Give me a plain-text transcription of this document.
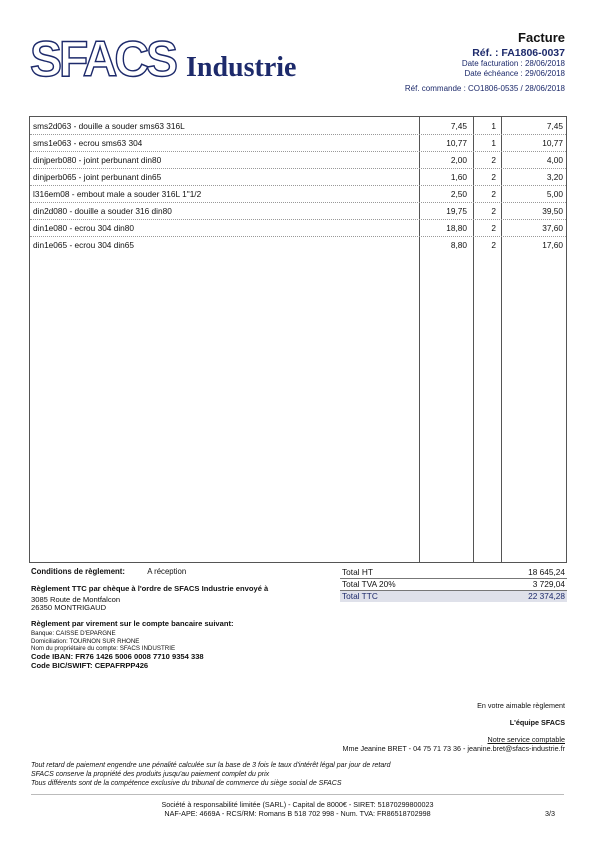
SFACS Industrie
Facture
Réf. : FA1806-0037
Date facturation : 28/06/2018
Date échéance : 29/06/2018
Réf. commande : CO1806-0535 / 28/06/2018
sms2d063 - douille a souder sms63 316L	7,45	1	7,45
sms1e063 - ecrou sms63 304	10,77	1	10,77
dinjperb080 - joint perbunant din80	2,00	2	4,00
dinjperb065 - joint perbunant din65	1,60	2	3,20
l316em08 - embout male a souder 316L 1"1/2	2,50	2	5,00
din2d080 - douille a souder 316 din80	19,75	2	39,50
din1e080 - ecrou 304 din80	18,80	2	37,60
din1e065 - ecrou 304 din65	8,80	2	17,60
Conditions de règlement:	A réception
Règlement TTC par chèque à l'ordre de SFACS Industrie envoyé à
3085 Route de Montfalcon
26350 MONTRIGAUD
Règlement par virement sur le compte bancaire suivant:
Banque: CAISSE D'EPARGNE
Domiciliation: TOURNON SUR RHONE
Nom du propriétaire du compte: SFACS INDUSTRIE
Code IBAN: FR76 1426 5006 0008 7710 9354 338
Code BIC/SWIFT: CEPAFRPP426
Total HT	18 645,24
Total TVA 20%	3 729,04
Total TTC	22 374,28
En votre aimable règlement
L'équipe SFACS
Notre service comptable
Mme Jeanine BRET - 04 75 71 73 36 - jeanine.bret@sfacs-industrie.fr
Tout retard de paiement engendre une pénalité calculée sur la base de 3 fois le taux d'intérêt légal par jour de retard
SFACS conserve la propriété des produits jusqu'au paiement complet du prix
Tous différents sont de la compétence exclusive du tribunal de commerce du siège social de SFACS
Société à responsabilité limitée (SARL) - Capital de 8000€ - SIRET: 51870299800023
NAF-APE: 4669A - RCS/RM: Romans B 518 702 998 - Num. TVA: FR86518702998	3/3
